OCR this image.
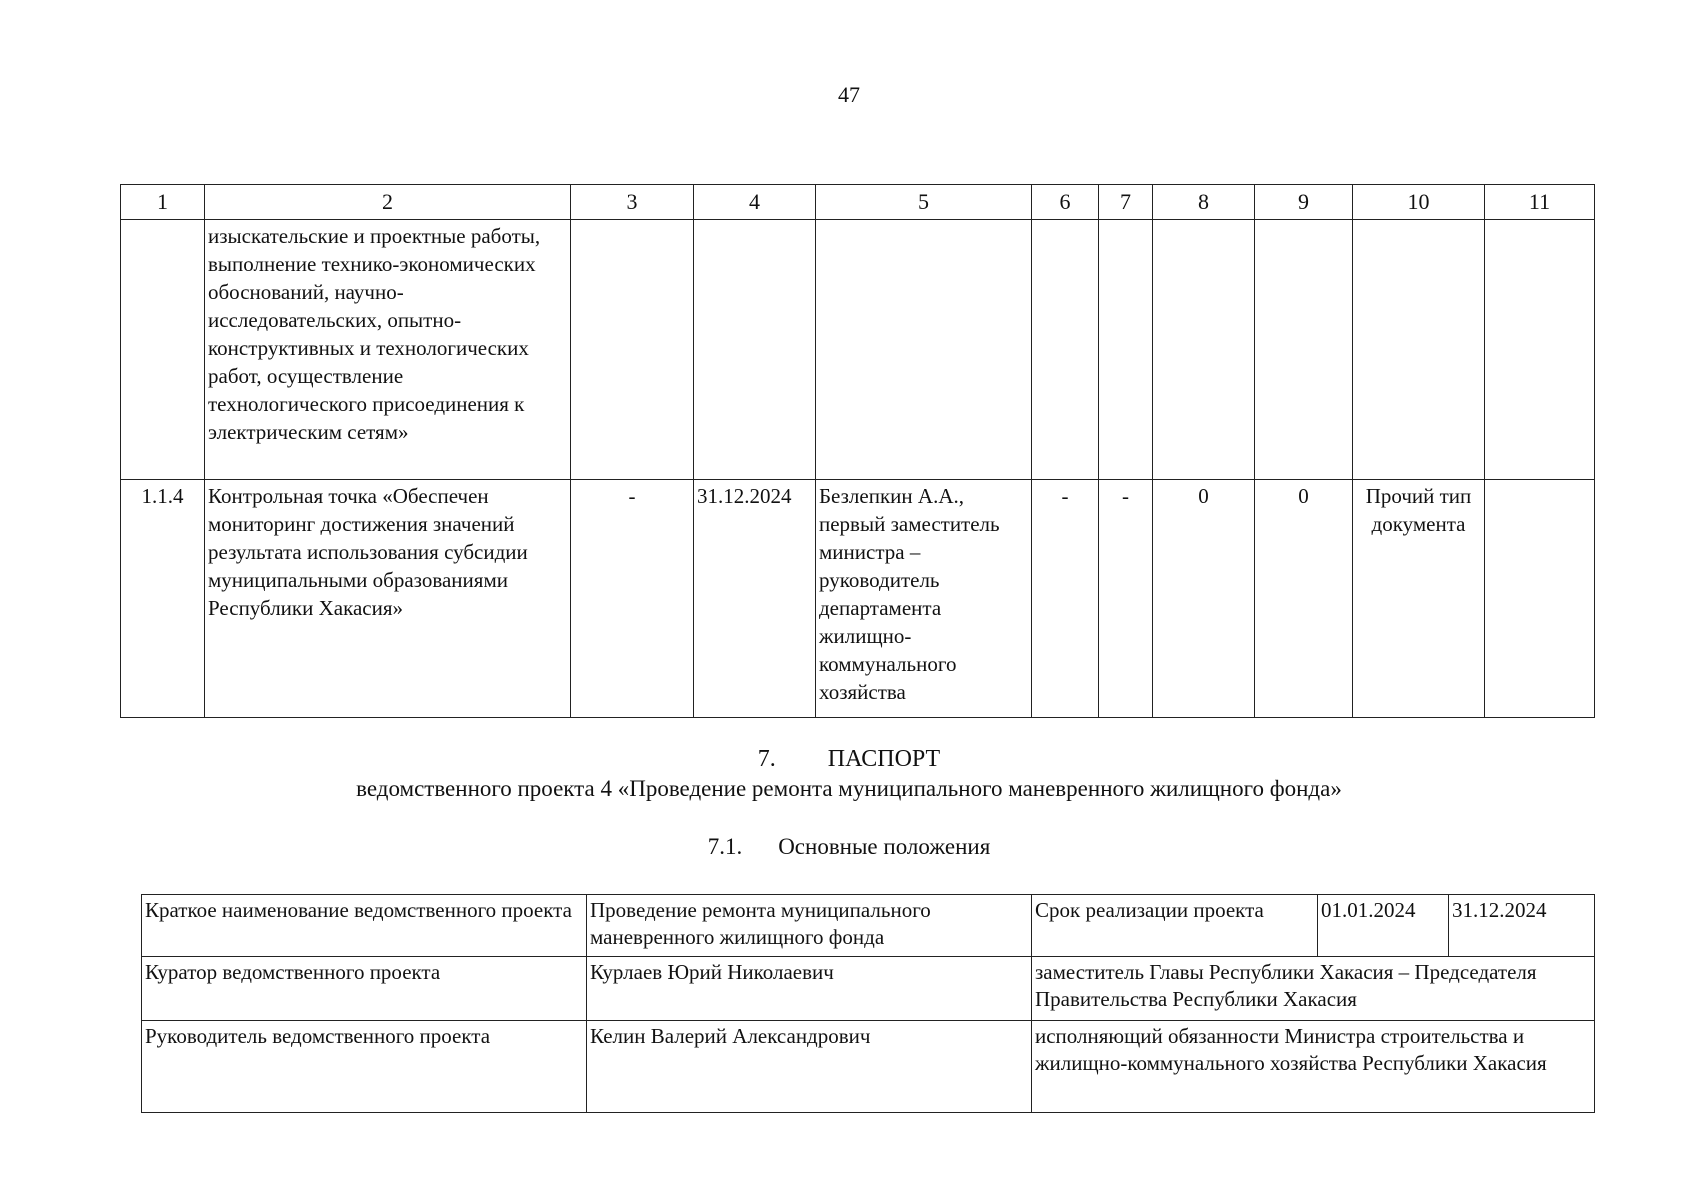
47
1	2	3	4	5	6	7	8	9	10	11
	изыскательские и проектные работы, выполнение технико-экономических обоснований, научно-исследовательских, опытно- конструктивных и технологических работ, осуществление технологического присоединения к электрическим сетям»									
1.1.4	Контрольная точка «Обеспечен мониторинг достижения значений результата использования субсидии муниципальными образованиями Республики Хакасия»	-	31.12.2024	Безлепкин А.А., первый заместитель министра – руководитель департамента жилищно-коммунального хозяйства	-	-	0	0	Прочий тип документа	
7. ПАСПОРТ
ведомственного проекта 4 «Проведение ремонта муниципального маневренного жилищного фонда»
7.1. Основные положения
Краткое наименование ведомственного проекта	Проведение ремонта муниципального маневренного жилищного фонда	Срок реализации проекта	01.01.2024	31.12.2024
Куратор ведомственного проекта	Курлаев Юрий Николаевич	заместитель Главы Республики Хакасия – Председателя Правительства Республики Хакасия		
Руководитель ведомственного проекта	Келин Валерий Александрович	исполняющий обязанности Министра строительства и жилищно-коммунального хозяйства Республики Хакасия		
